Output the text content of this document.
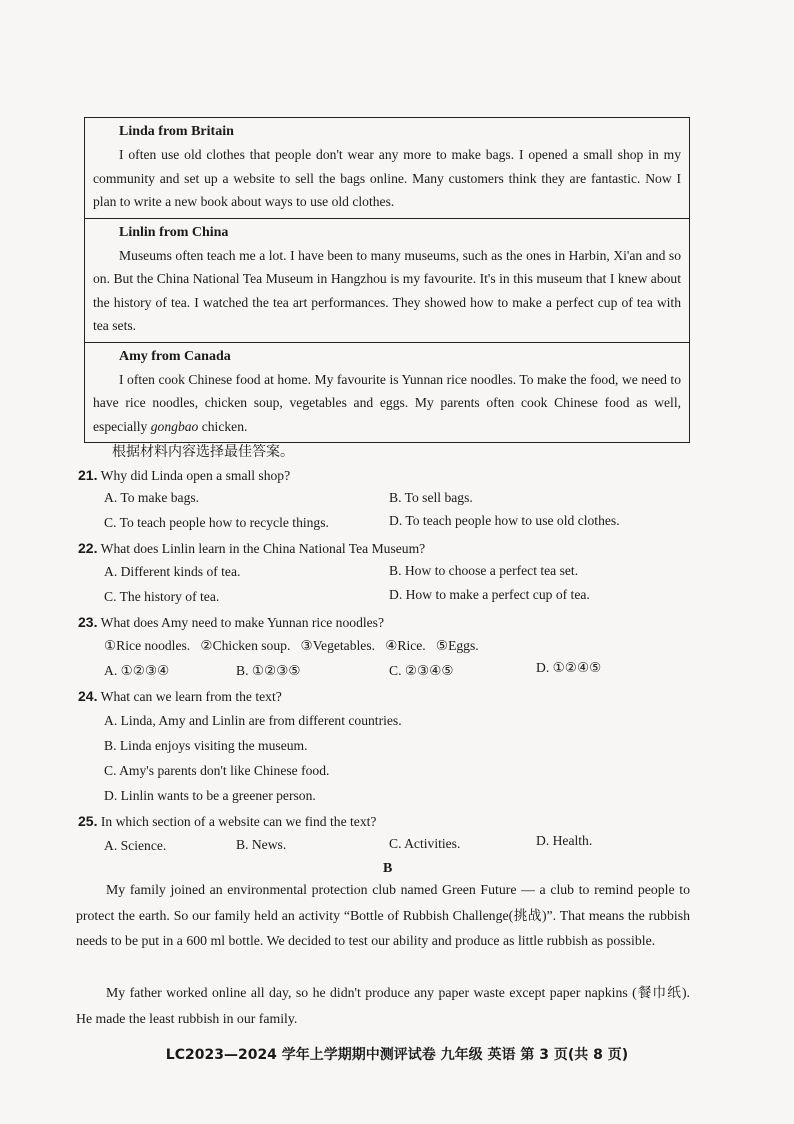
Linda from Britain
I often use old clothes that people don't wear any more to make bags. I opened a small shop in my community and set up a website to sell the bags online. Many customers think they are fantastic. Now I plan to write a new book about ways to use old clothes.
Linlin from China
Museums often teach me a lot. I have been to many museums, such as the ones in Harbin, Xi'an and so on. But the China National Tea Museum in Hangzhou is my favourite. It's in this museum that I knew about the history of tea. I watched the tea art performances. They showed how to make a perfect cup of tea with tea sets.
Amy from Canada
I often cook Chinese food at home. My favourite is Yunnan rice noodles. To make the food, we need to have rice noodles, chicken soup, vegetables and eggs. My parents often cook Chinese food as well, especially gongbao chicken.
根据材料内容选择最佳答案。
21. Why did Linda open a small shop?
A. To make bags.	B. To sell bags.
C. To teach people how to recycle things.	D. To teach people how to use old clothes.
22. What does Linlin learn in the China National Tea Museum?
A. Different kinds of tea.	B. How to choose a perfect tea set.
C. The history of tea.	D. How to make a perfect cup of tea.
23. What does Amy need to make Yunnan rice noodles?
①Rice noodles.   ②Chicken soup.   ③Vegetables.   ④Rice.   ⑤Eggs.
A. ①②③④	B. ①②③⑤	C. ②③④⑤	D. ①②④⑤
24. What can we learn from the text?
A. Linda, Amy and Linlin are from different countries.
B. Linda enjoys visiting the museum.
C. Amy's parents don't like Chinese food.
D. Linlin wants to be a greener person.
25. In which section of a website can we find the text?
A. Science.	B. News.	C. Activities.	D. Health.
B
My family joined an environmental protection club named Green Future — a club to remind people to protect the earth. So our family held an activity “Bottle of Rubbish Challenge(挑战)”. That means the rubbish needs to be put in a 600 ml bottle. We decided to test our ability and produce as little rubbish as possible.
My father worked online all day, so he didn't produce any paper waste except paper napkins (餐巾纸). He made the least rubbish in our family.
LC2023—2024 学年上学期期中测评试卷 九年级 英语 第 3 页(共 8 页)
